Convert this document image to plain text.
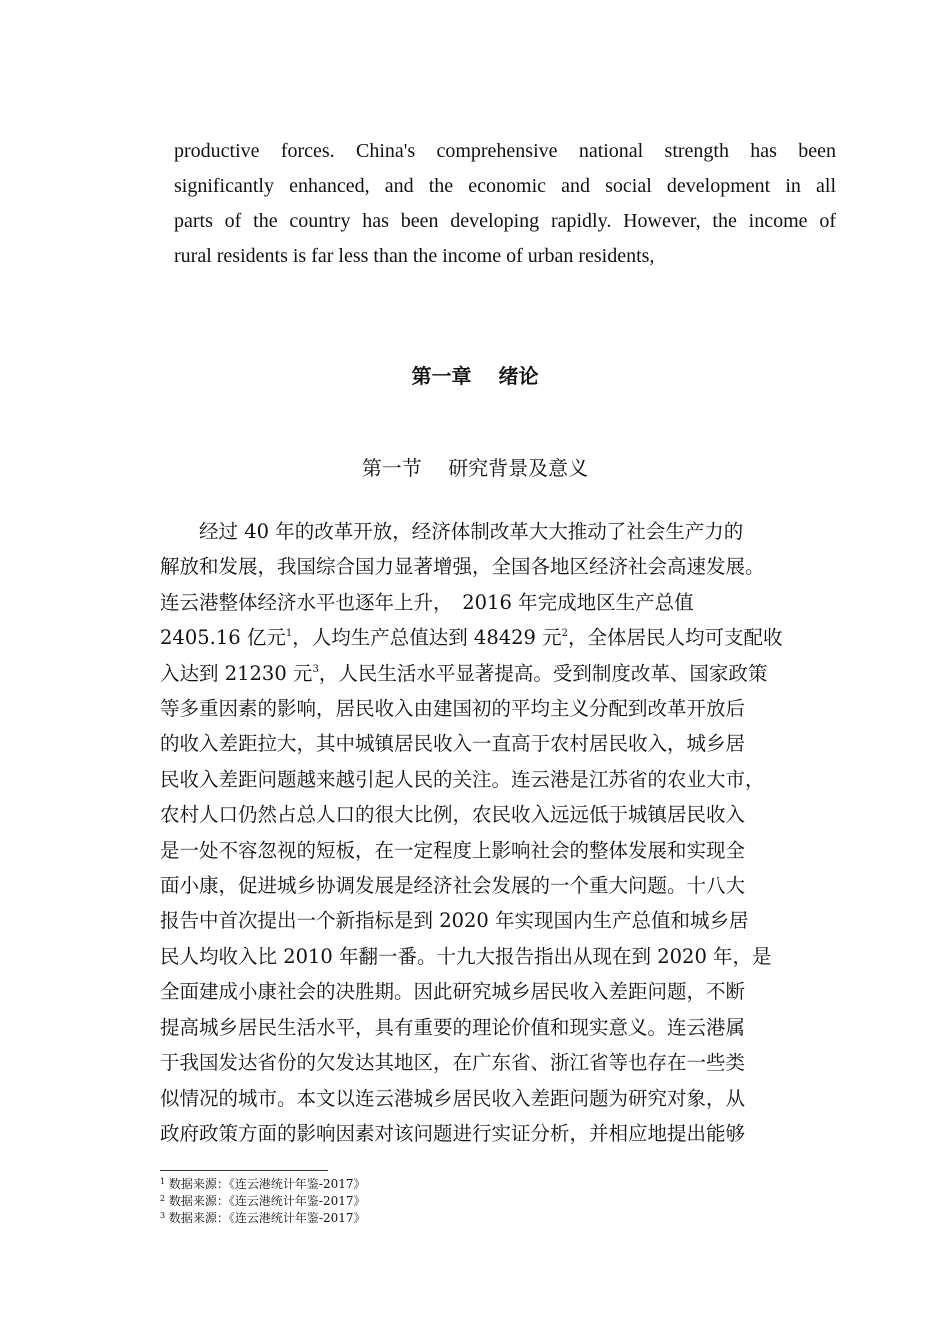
productive forces. China's comprehensive national strength has been
significantly enhanced, and the economic and social development in all
parts of the country has been developing rapidly. However, the income of
rural residents is far less than the income of urban residents,
第一章　 绪论
第一节　 研究背景及意义
　　经过 40 年的改革开放，经济体制改革大大推动了社会生产力的
解放和发展，我国综合国力显著增强，全国各地区经济社会高速发展。
连云港整体经济水平也逐年上升，　2016 年完成地区生产总值
2405.16 亿元$^1$，人均生产总值达到 48429 元$^2$，全体居民人均可支配收
入达到 21230 元$^3$，人民生活水平显著提高。受到制度改革、国家政策
等多重因素的影响，居民收入由建国初的平均主义分配到改革开放后
的收入差距拉大，其中城镇居民收入一直高于农村居民收入，城乡居
民收入差距问题越来越引起人民的关注。连云港是江苏省的农业大市，
农村人口仍然占总人口的很大比例，农民收入远远低于城镇居民收入
是一处不容忽视的短板，在一定程度上影响社会的整体发展和实现全
面小康，促进城乡协调发展是经济社会发展的一个重大问题。十八大
报告中首次提出一个新指标是到 2020 年实现国内生产总值和城乡居
民人均收入比 2010 年翻一番。十九大报告指出从现在到 2020 年，是
全面建成小康社会的决胜期。因此研究城乡居民收入差距问题，不断
提高城乡居民生活水平，具有重要的理论价值和现实意义。连云港属
于我国发达省份的欠发达其地区，在广东省、浙江省等也存在一些类
似情况的城市。本文以连云港城乡居民收入差距问题为研究对象，从
政府政策方面的影响因素对该问题进行实证分析，并相应地提出能够
$^1$ 数据来源：《连云港统计年鉴-2017》
$^2$ 数据来源：《连云港统计年鉴-2017》
$^3$ 数据来源：《连云港统计年鉴-2017》
